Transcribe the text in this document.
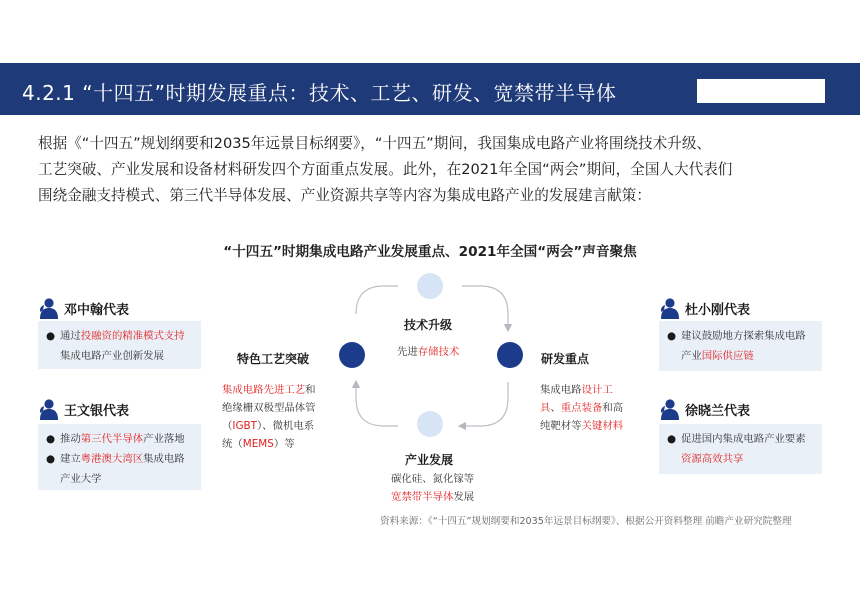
4.2.1 “十四五”时期发展重点：技术、工艺、研发、宽禁带半导体

根据《“十四五”规划纲要和2035年远景目标纲要》，“十四五”期间，我国集成电路产业将围绕技术升级、

工艺突破、产业发展和设备材料研发四个方面重点发展。此外，在2021年全国“两会”期间，全国人大代表们

围绕金融支持模式、第三代半导体发展、产业资源共享等内容为集成电路产业的发展建言献策：

“十四五”时期集成电路产业发展重点、2021年全国“两会”声音聚焦
邓中翰代表
● 通过投融资的精准模式支持集成电路产业创新发展
王文银代表
● 推动第三代半导体产业落地
● 建立粤港澳大湾区集成电路产业大学
杜小刚代表
● 建议鼓励地方探索集成电路产业国际供应链
徐晓兰代表
● 促进国内集成电路产业要素资源高效共享
技术升级
先进存储技术	研发重点
集成电路设计工具、重点装备和高纯靶材等关键材料
产业发展
碳化硅、氮化镓等
宽禁带半导体发展
特色工艺突破
集成电路先进工艺和绝缘栅双极型晶体管（IGBT）、微机电系统（MEMS）等
资料来源：《“十四五”规划纲要和2035年远景目标纲要》、根据公开资料整理 前瞻产业研究院整理
